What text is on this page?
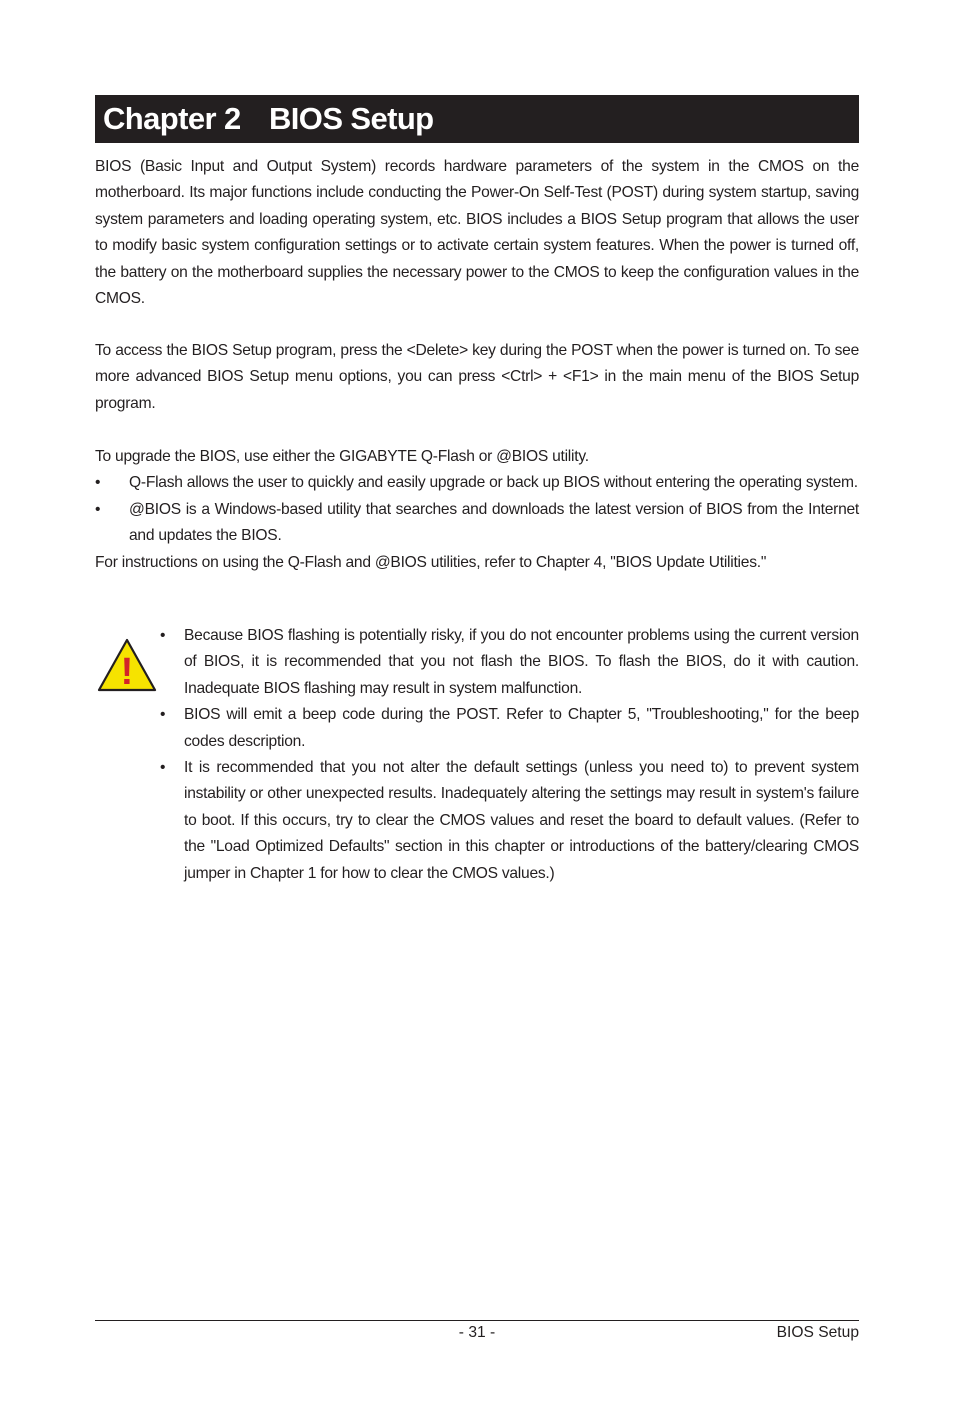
Chapter 2 BIOS Setup

BIOS (Basic Input and Output System) records hardware parameters of the system in the CMOS on the motherboard. Its major functions include conducting the Power-On Self-Test (POST) during system startup, saving system parameters and loading operating system, etc. BIOS includes a BIOS Setup program that allows the user to modify basic system configuration settings or to activate certain system features. When the power is turned off, the battery on the motherboard supplies the necessary power to the CMOS to keep the configuration values in the CMOS.

To access the BIOS Setup program, press the <Delete> key during the POST when the power is turned on. To see more advanced BIOS Setup menu options, you can press <Ctrl> + <F1> in the main menu of the BIOS Setup program.

To upgrade the BIOS, use either the GIGABYTE Q-Flash or @BIOS utility.

• Q-Flash allows the user to quickly and easily upgrade or back up BIOS without entering the operating system.
• @BIOS is a Windows-based utility that searches and downloads the latest version of BIOS from the Internet and updates the BIOS.

For instructions on using the Q-Flash and @BIOS utilities, refer to Chapter 4, "BIOS Update Utilities."

!
• Because BIOS flashing is potentially risky, if you do not encounter problems using the current version of BIOS, it is recommended that you not flash the BIOS. To flash the BIOS, do it with caution. Inadequate BIOS flashing may result in system malfunction.
• BIOS will emit a beep code during the POST. Refer to Chapter 5, "Troubleshooting," for the beep codes description.
• It is recommended that you not alter the default settings (unless you need to) to prevent system instability or other unexpected results. Inadequately altering the settings may result in system's failure to boot. If this occurs, try to clear the CMOS values and reset the board to default values. (Refer to the "Load Optimized Defaults" section in this chapter or introductions of the battery/clearing CMOS jumper in Chapter 1 for how to clear the CMOS values.)
- 31 -	BIOS Setup
